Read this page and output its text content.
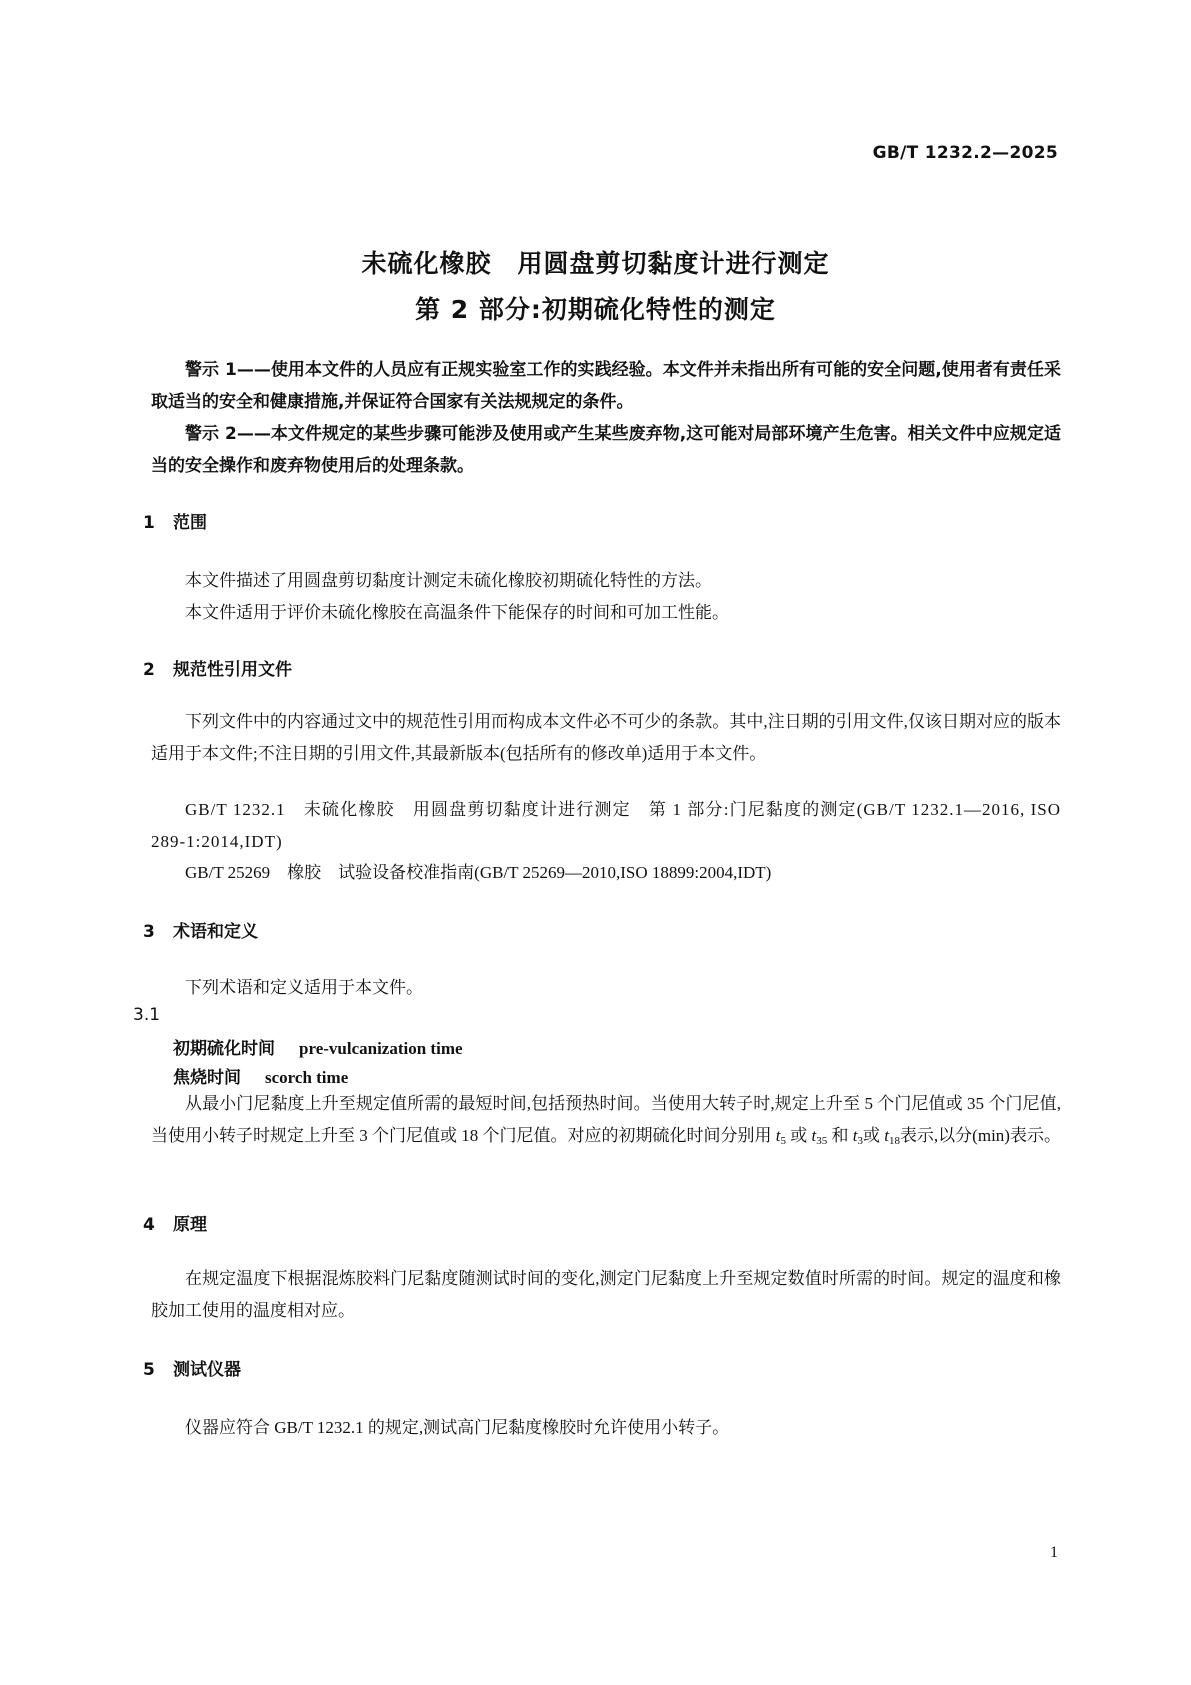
GB/T 1232.2—2025
未硫化橡胶　用圆盘剪切黏度计进行测定
第 2 部分:初期硫化特性的测定
警示 1——使用本文件的人员应有正规实验室工作的实践经验。本文件并未指出所有可能的安全问题,使用者有责任采取适当的安全和健康措施,并保证符合国家有关法规规定的条件。
警示 2——本文件规定的某些步骤可能涉及使用或产生某些废弃物,这可能对局部环境产生危害。相关文件中应规定适当的安全操作和废弃物使用后的处理条款。
1 范围
本文件描述了用圆盘剪切黏度计测定未硫化橡胶初期硫化特性的方法。
本文件适用于评价未硫化橡胶在高温条件下能保存的时间和可加工性能。
2 规范性引用文件
下列文件中的内容通过文中的规范性引用而构成本文件必不可少的条款。其中,注日期的引用文件,仅该日期对应的版本适用于本文件;不注日期的引用文件,其最新版本(包括所有的修改单)适用于本文件。
GB/T 1232.1　未硫化橡胶　用圆盘剪切黏度计进行测定　第 1 部分:门尼黏度的测定(GB/T 1232.1—2016, ISO 289-1:2014,IDT)
GB/T 25269　橡胶　试验设备校准指南(GB/T 25269—2010,ISO 18899:2004,IDT)
3 术语和定义
下列术语和定义适用于本文件。
3.1
初期硫化时间 pre-vulcanization time
焦烧时间 scorch time
从最小门尼黏度上升至规定值所需的最短时间,包括预热时间。当使用大转子时,规定上升至 5 个门尼值或 35 个门尼值,当使用小转子时规定上升至 3 个门尼值或 18 个门尼值。对应的初期硫化时间分别用 $t_5$ 或 $t_{35}$ 和 $t_3$或 $t_{18}$表示,以分(min)表示。
4 原理
在规定温度下根据混炼胶料门尼黏度随测试时间的变化,测定门尼黏度上升至规定数值时所需的时间。规定的温度和橡胶加工使用的温度相对应。
5 测试仪器
仪器应符合 GB/T 1232.1 的规定,测试高门尼黏度橡胶时允许使用小转子。
1
